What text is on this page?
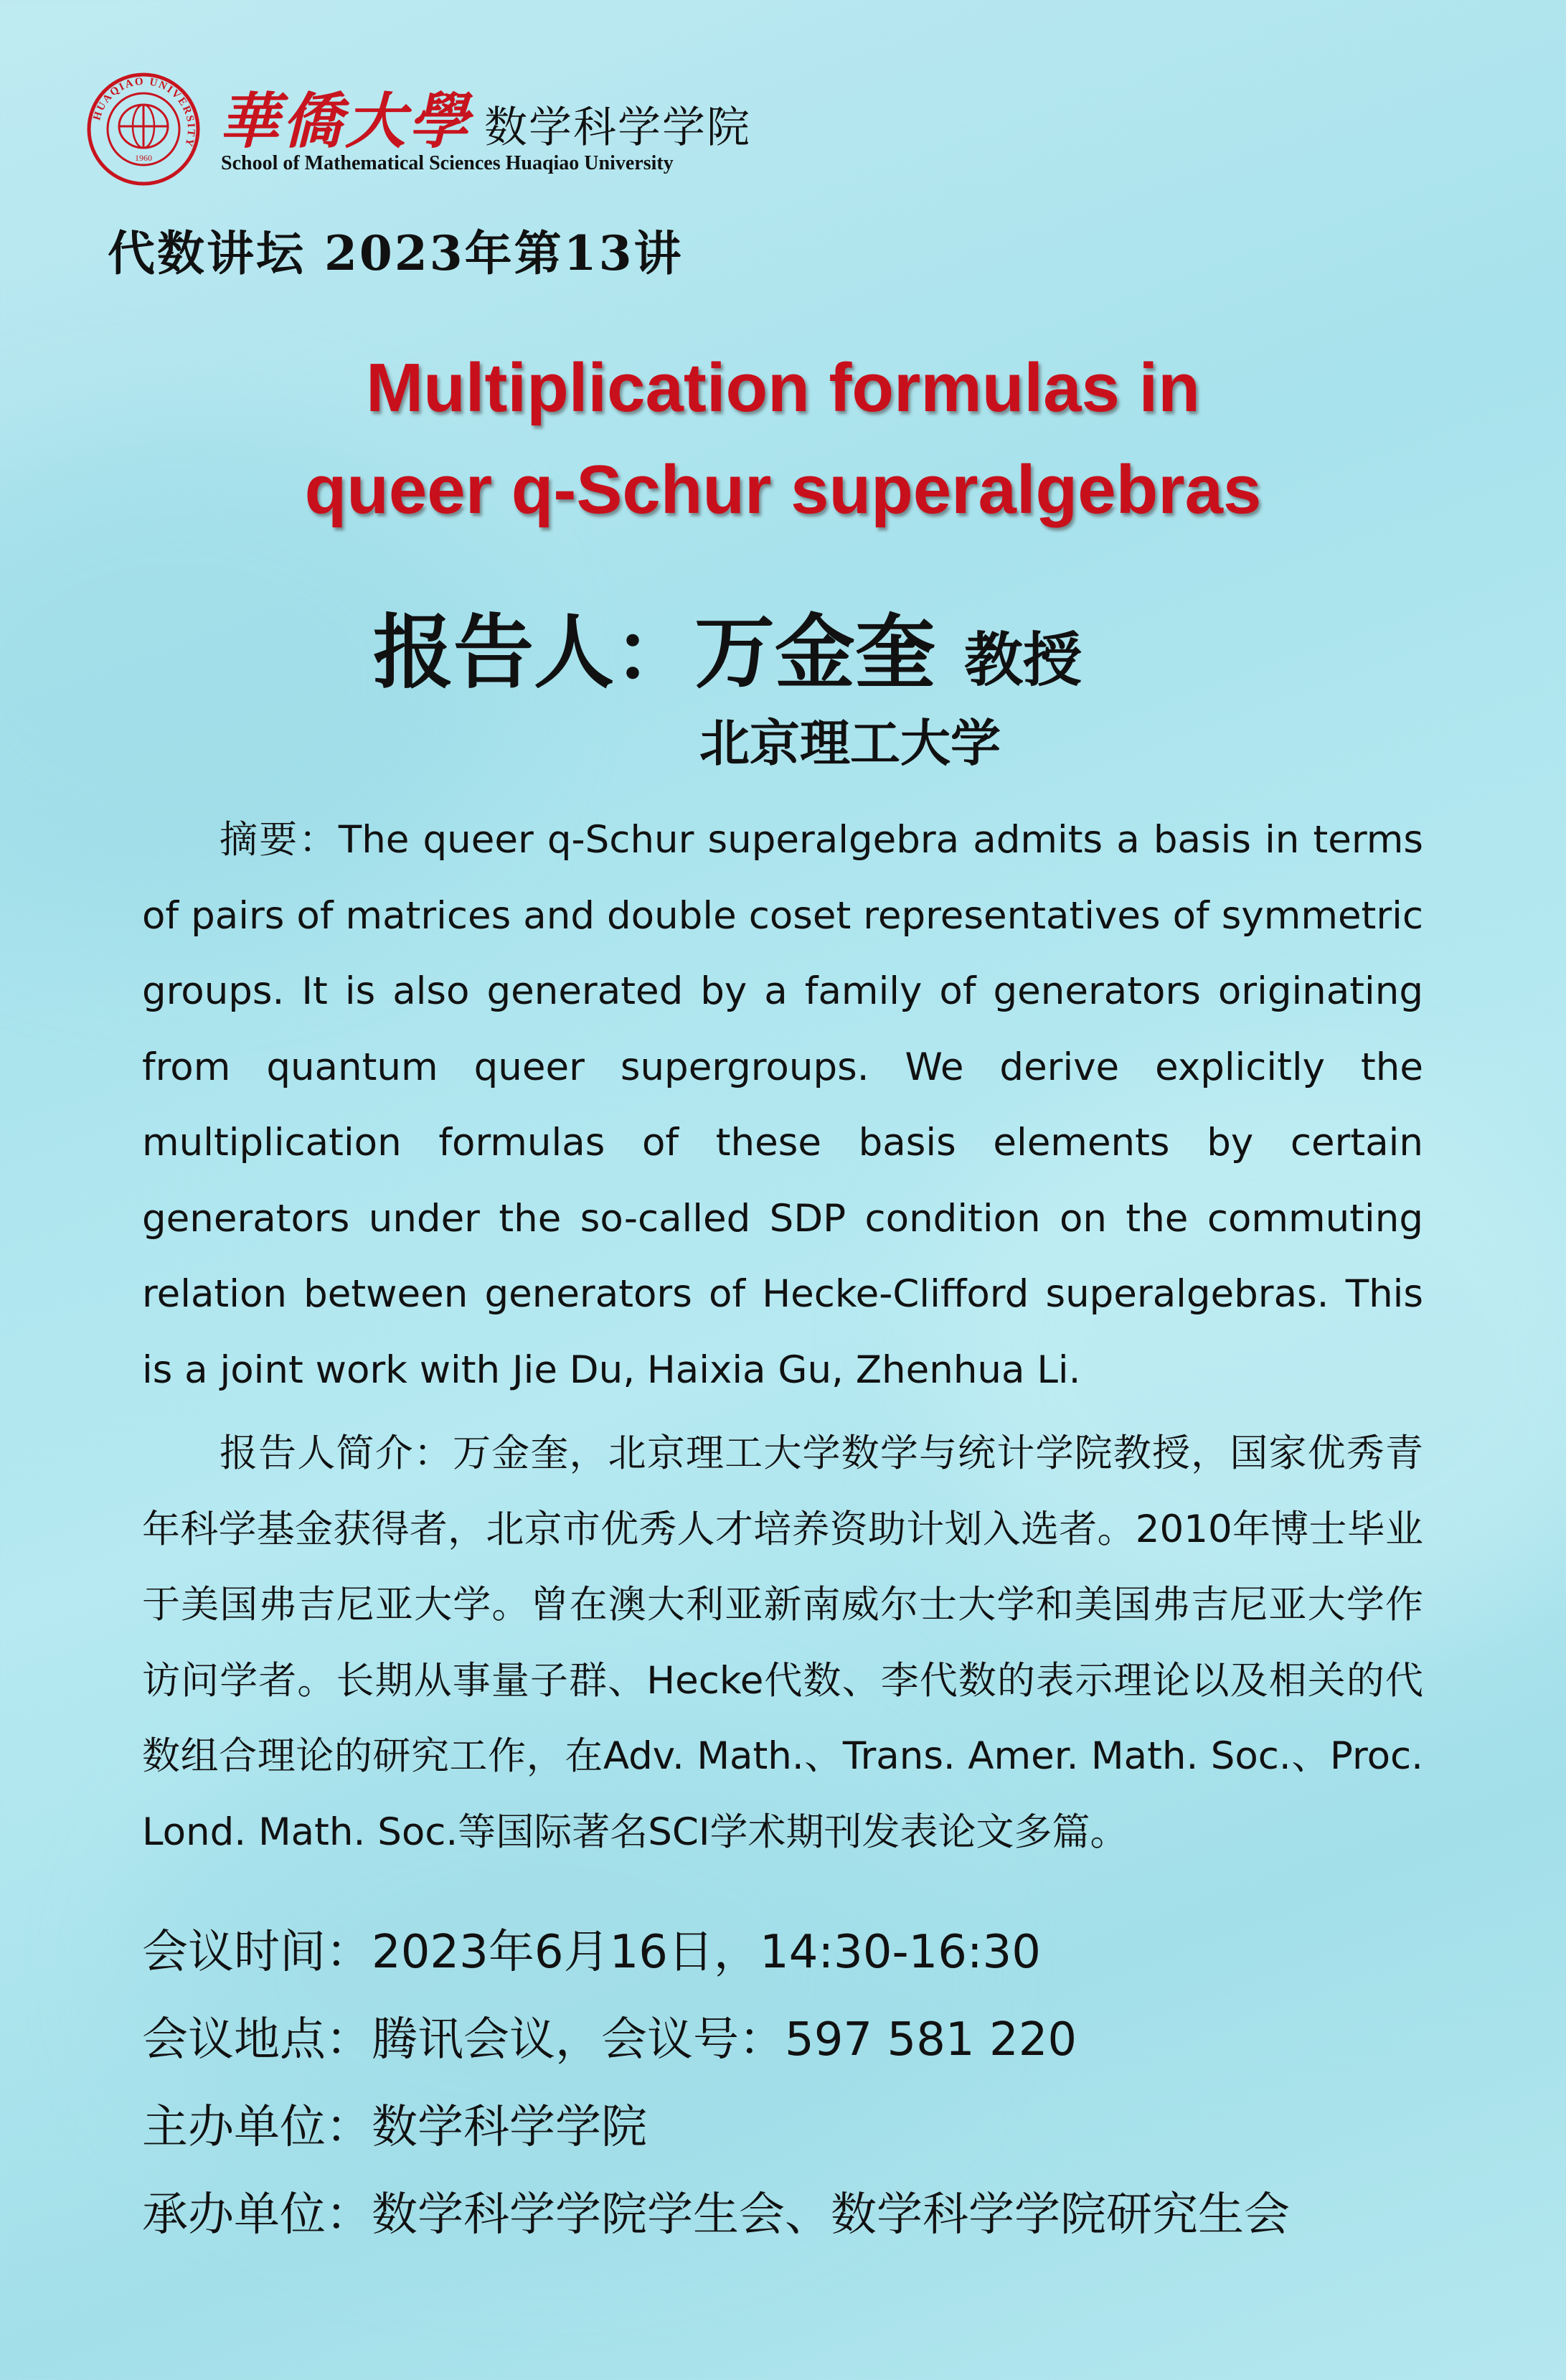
HUAQIAO UNIVERSITY
1960
華僑大學 数学科学学院
School of Mathematical Sciences Huaqiao University
代数讲坛 2023年第13讲
Multiplication formulas in
queer q-Schur superalgebras
报告人：万金奎 教授
北京理工大学

摘要：The queer q-Schur superalgebra admits a basis in terms of pairs of matrices and double coset representatives of symmetric groups. It is also generated by a family of generators originating from quantum queer supergroups. We derive explicitly the multiplication formulas of these basis elements by certain generators under the so-called SDP condition on the commuting relation between generators of Hecke-Clifford superalgebras. This is a joint work with Jie Du, Haixia Gu, Zhenhua Li.

报告人简介：万金奎，北京理工大学数学与统计学院教授，国家优秀青年科学基金获得者，北京市优秀人才培养资助计划入选者。2010年博士毕业于美国弗吉尼亚大学。曾在澳大利亚新南威尔士大学和美国弗吉尼亚大学作访问学者。长期从事量子群、Hecke代数、李代数的表示理论以及相关的代数组合理论的研究工作，在Adv. Math.、Trans. Amer. Math. Soc.、Proc. Lond. Math. Soc.等国际著名SCI学术期刊发表论文多篇。

会议时间：2023年6月16日，14:30-16:30
会议地点：腾讯会议，会议号：597 581 220
主办单位：数学科学学院
承办单位：数学科学学院学生会、数学科学学院研究生会
